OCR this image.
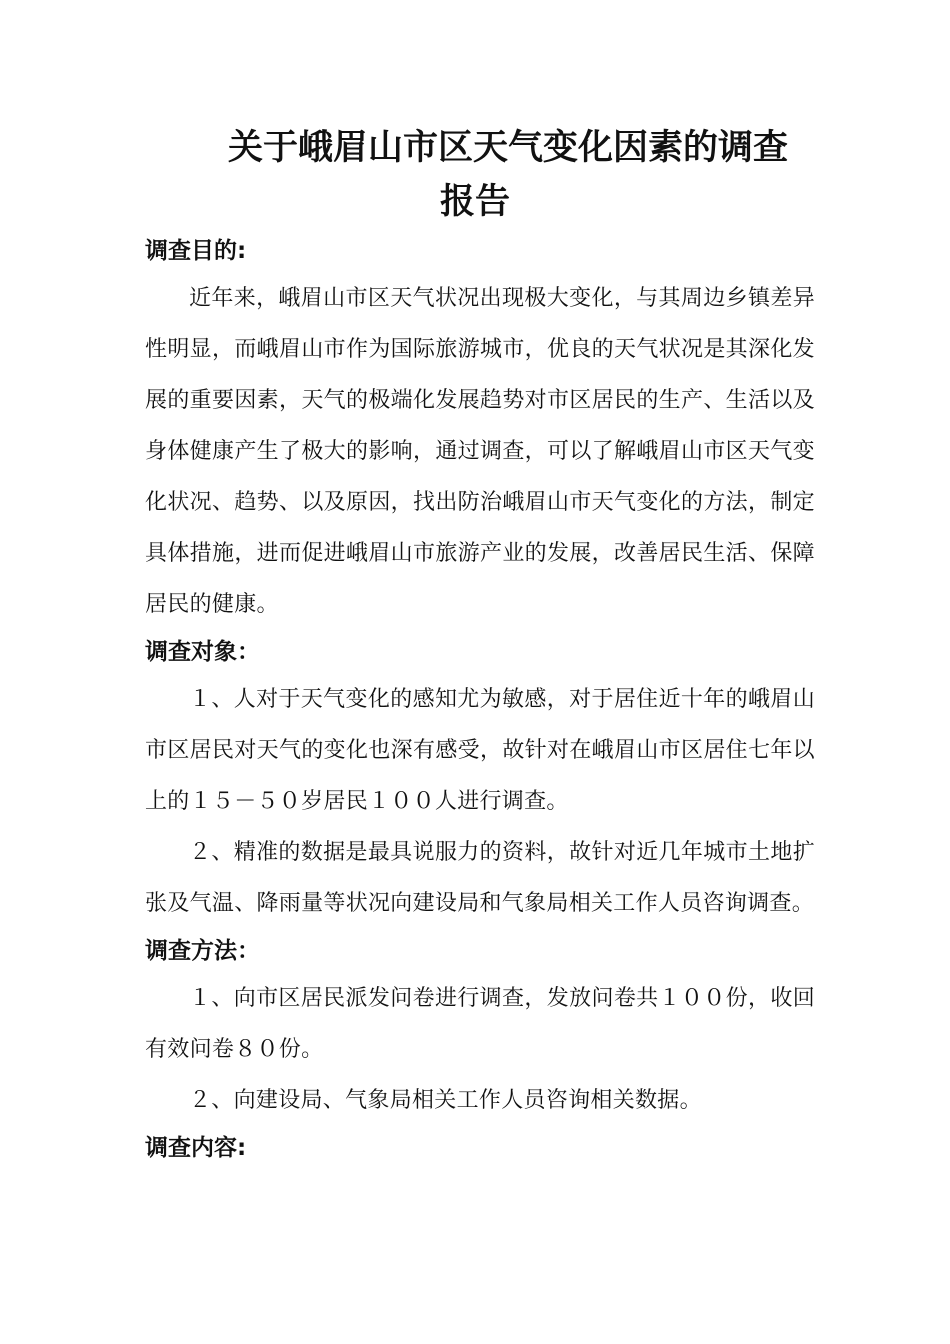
关于峨眉山市区天气变化因素的调查
报告
调查目的:

近年来，峨眉山市区天气状况出现极大变化，与其周边乡镇差异性明显，而峨眉山市作为国际旅游城市，优良的天气状况是其深化发展的重要因素，天气的极端化发展趋势对市区居民的生产、生活以及身体健康产生了极大的影响，通过调查，可以了解峨眉山市区天气变化状况、趋势、以及原因，找出防治峨眉山市天气变化的方法，制定具体措施，进而促进峨眉山市旅游产业的发展，改善居民生活、保障居民的健康。

调查对象：

１、人对于天气变化的感知尤为敏感，对于居住近十年的峨眉山市区居民对天气的变化也深有感受，故针对在峨眉山市区居住七年以上的１５－５０岁居民１００人进行调查。

２、精准的数据是最具说服力的资料，故针对近几年城市土地扩张及气温、降雨量等状况向建设局和气象局相关工作人员咨询调查。

调查方法：

１、向市区居民派发问卷进行调查，发放问卷共１００份，收回有效问卷８０份。

２、向建设局、气象局相关工作人员咨询相关数据。

调查内容:
